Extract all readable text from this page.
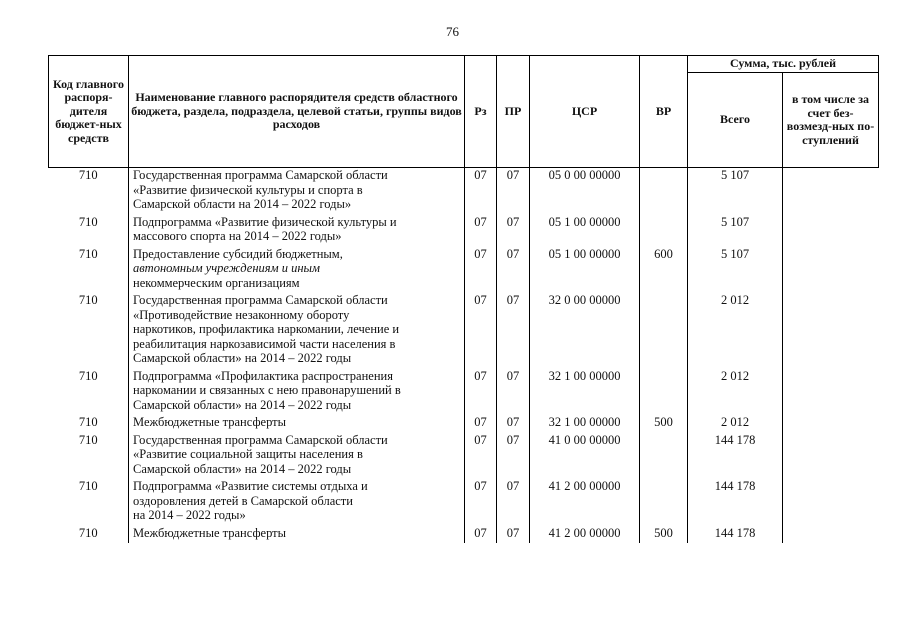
76
Код главного распоря-дителя бюджет-ных средств	Наименование главного распорядителя средств областного бюджета, раздела, подраздела, целевой статьи, группы видов расходов	Рз	ПР	ЦСР	ВР	Сумма, тыс. рублей	
						Всего	в том числе за счет без-возмезд-ных по-ступлений
710	Государственная программа Самарской области
«Развитие физической культуры и спорта в
Самарской области на 2014 – 2022 годы»	07	07	05 0 00 00000		5 107	
710	Подпрограмма «Развитие физической культуры и
массового спорта на 2014 – 2022 годы»	07	07	05 1 00 00000		5 107	
710	Предоставление субсидий бюджетным,
автономным учреждениям и иным
некоммерческим организациям	07	07	05 1 00 00000	600	5 107	
710	Государственная программа Самарской области
«Противодействие незаконному обороту
наркотиков, профилактика наркомании, лечение и
реабилитация наркозависимой части населения в
Самарской области» на 2014 – 2022 годы	07	07	32 0 00 00000		2 012	
710	Подпрограмма «Профилактика распространения
наркомании и связанных с нею правонарушений в
Самарской области» на 2014 – 2022 годы	07	07	32 1 00 00000		2 012	
710	Межбюджетные трансферты	07	07	32 1 00 00000	500	2 012	
710	Государственная программа Самарской области
«Развитие социальной защиты населения в
Самарской области» на 2014 – 2022 годы	07	07	41 0 00 00000		144 178	
710	Подпрограмма «Развитие системы отдыха и
оздоровления детей в Самарской области
на 2014 – 2022 годы»	07	07	41 2 00 00000		144 178	
710	Межбюджетные трансферты	07	07	41 2 00 00000	500	144 178	
